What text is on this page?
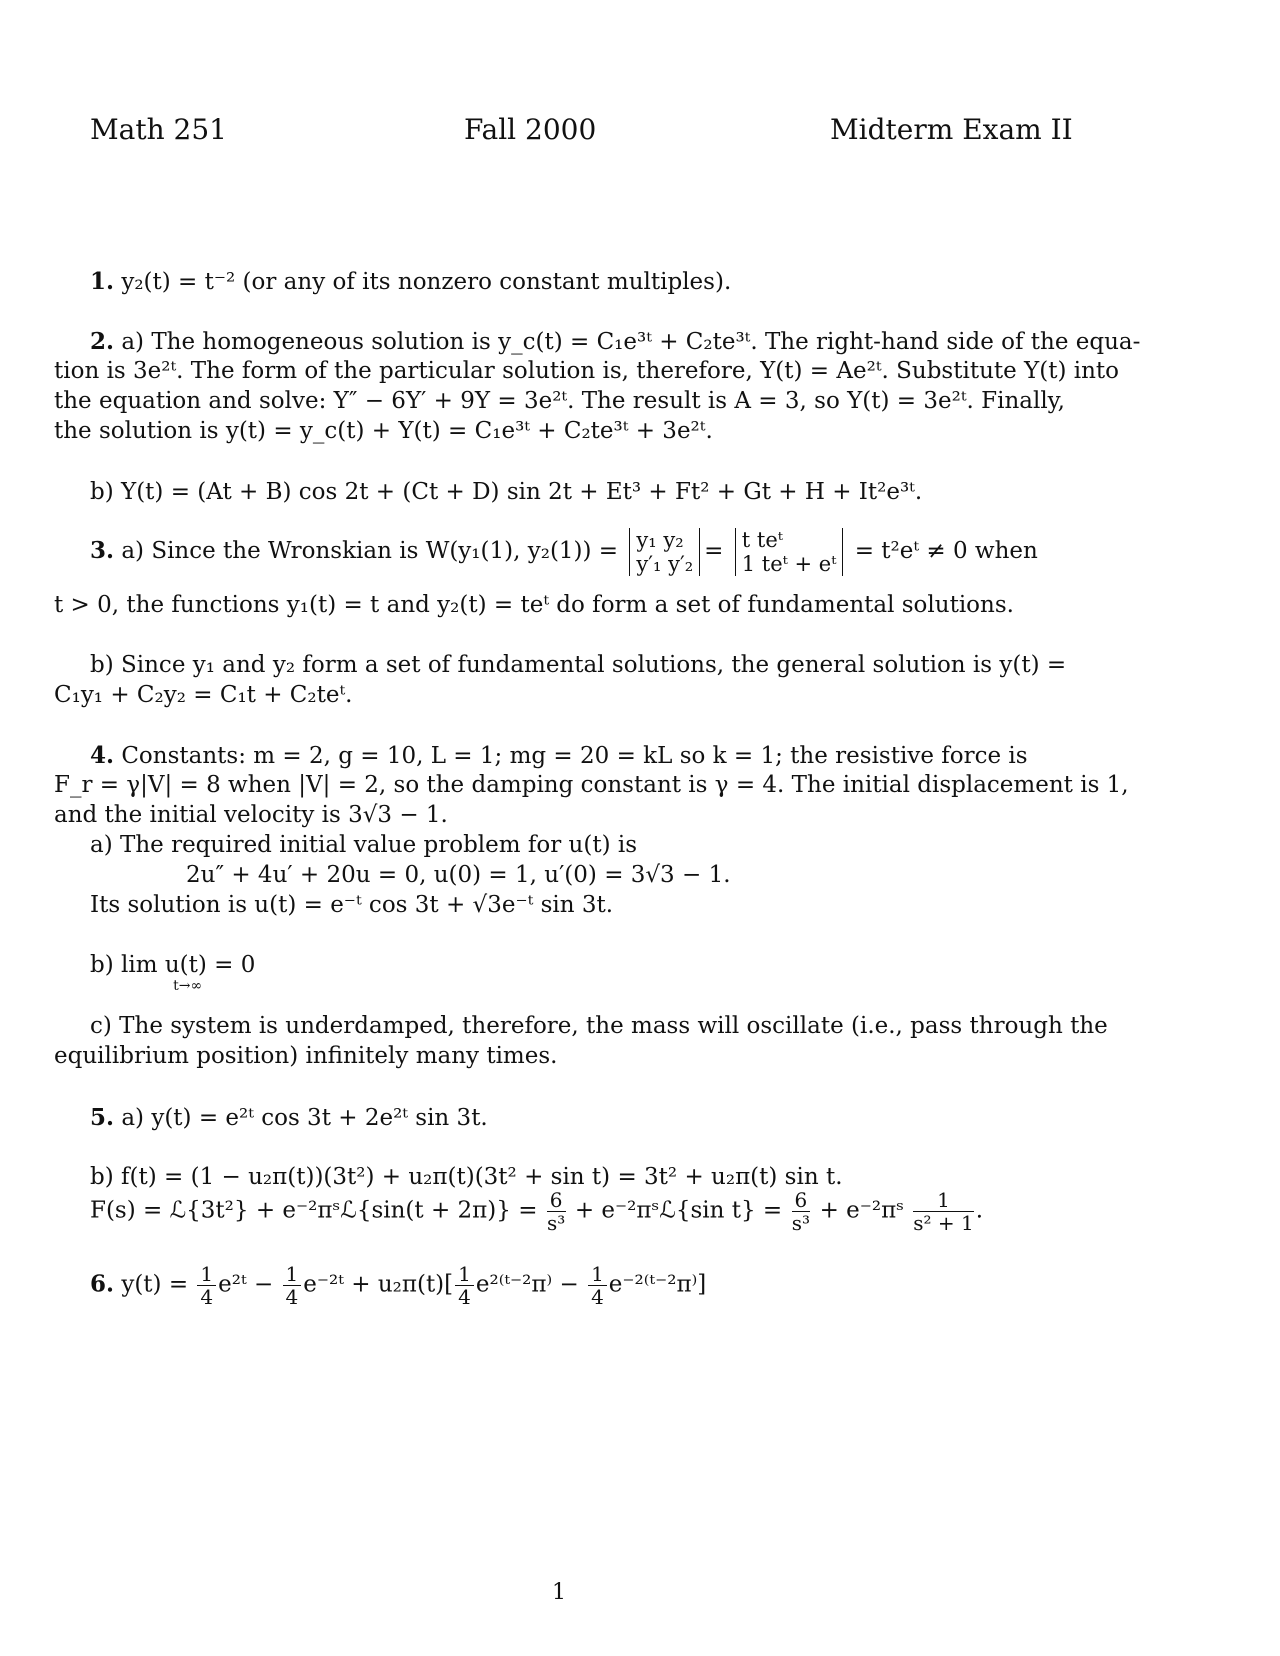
Math 251	Fall 2000	Midterm Exam II
1. y₂(t) = t⁻² (or any of its nonzero constant multiples).
2. a) The homogeneous solution is y_c(t) = C₁e³ᵗ + C₂te³ᵗ. The right-hand side of the equa-
tion is 3e²ᵗ. The form of the particular solution is, therefore, Y(t) = Ae²ᵗ. Substitute Y(t) into
the equation and solve: Y″ − 6Y′ + 9Y = 3e²ᵗ. The result is A = 3, so Y(t) = 3e²ᵗ. Finally,
the solution is y(t) = y_c(t) + Y(t) = C₁e³ᵗ + C₂te³ᵗ + 3e²ᵗ.
b) Y(t) = (At + B) cos 2t + (Ct + D) sin 2t + Et³ + Ft² + Gt + H + It²e³ᵗ.
3. a) Since the Wronskian is W(y₁(1), y₂(1)) = y₁ y₂
y′₁ y′₂ = t teᵗ
1 teᵗ + eᵗ = t²eᵗ ≠ 0 when
t > 0, the functions y₁(t) = t and y₂(t) = teᵗ do form a set of fundamental solutions.
b) Since y₁ and y₂ form a set of fundamental solutions, the general solution is y(t) =
C₁y₁ + C₂y₂ = C₁t + C₂teᵗ.
4. Constants: m = 2, g = 10, L = 1; mg = 20 = kL so k = 1; the resistive force is
F_r = γ|V| = 8 when |V| = 2, so the damping constant is γ = 4. The initial displacement is 1,
and the initial velocity is 3√3 − 1.
a) The required initial value problem for u(t) is
2u″ + 4u′ + 20u = 0, u(0) = 1, u′(0) = 3√3 − 1.
Its solution is u(t) = e⁻ᵗ cos 3t + √3e⁻ᵗ sin 3t.
b) lim u(t) = 0
t→∞
c) The system is underdamped, therefore, the mass will oscillate (i.e., pass through the
equilibrium position) infinitely many times.
5. a) y(t) = e²ᵗ cos 3t + 2e²ᵗ sin 3t.
b) f(t) = (1 − u₂π(t))(3t²) + u₂π(t)(3t² + sin t) = 3t² + u₂π(t) sin t.
F(s) = ℒ{3t²} + e⁻²πˢℒ{sin(t + $2\pi)\} = \frac{6}{\text{s³}}$ + e⁻²πˢℒ{sin $t\} = \frac{6}{\text{s³}}$ + e⁻²πˢ $\frac{1}{\text{s² + 1}}$ .
6. $y(t) = \frac{1}{4}$ e²ᵗ − $\frac{1}{4}$ e⁻²ᵗ + $u_2\pi(t)[ \frac{1}{4}$ e²⁽ᵗ⁻²π⁾ − $\frac{1}{4}$ e⁻²⁽ᵗ⁻²π⁾]
1
